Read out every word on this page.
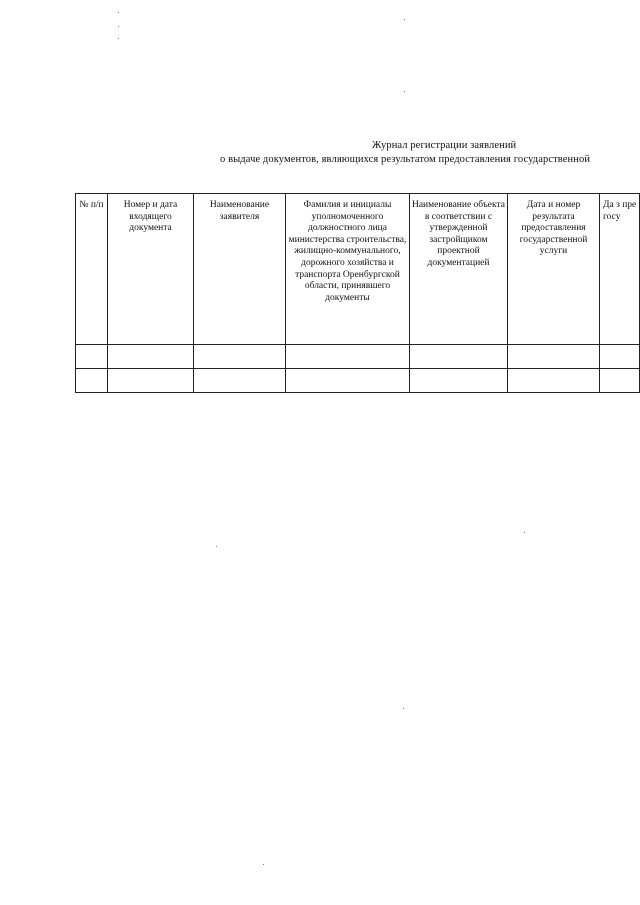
Журнал регистрации заявлений
о выдаче документов, являющихся результатом предоставления государственной
№ п/п	Номер и дата входящего документа	Наименование заявителя	Фамилия и инициалы уполномоченного должностного лица министерства строительства, жилищно-коммунального, дорожного хозяйства и транспорта Оренбургской области, принявшего документы	Наименование объекта в соответствии с утвержденной застройщиком проектной документацией	Дата и номер результата предоставления государственной услуги	Да з пре госу
